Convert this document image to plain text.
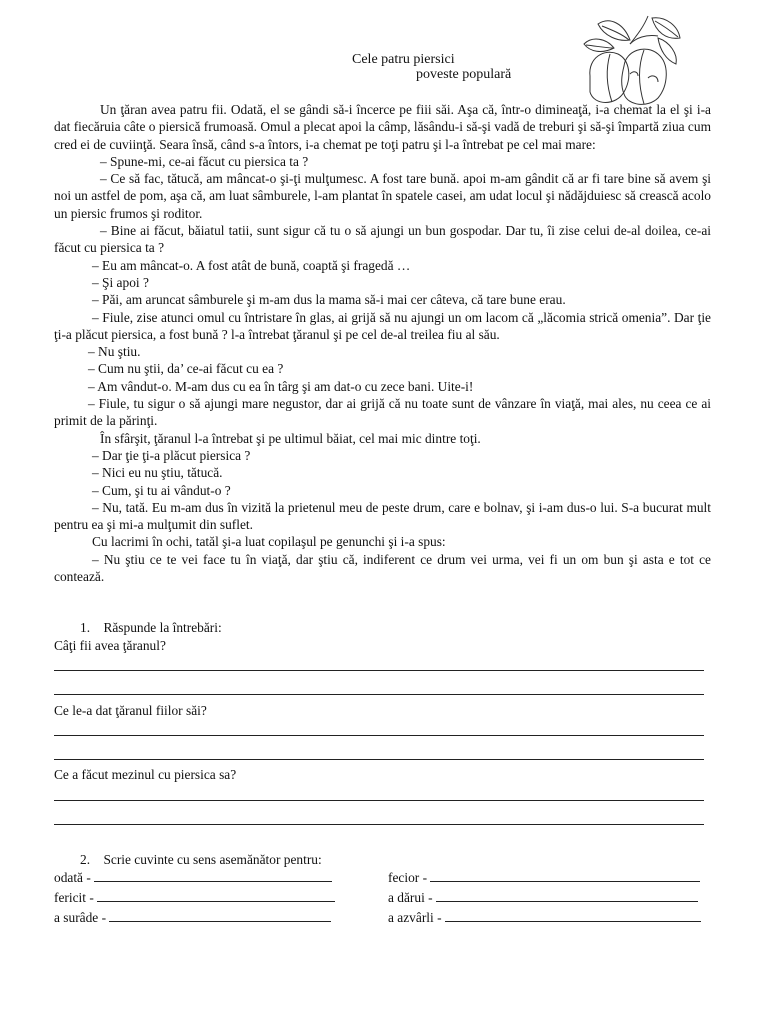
Cele patru piersici
poveste populară

Un ţăran avea patru fii. Odată, el se gândi să-i încerce pe fiii săi. Aşa că, într-o dimineaţă, i-a chemat la el şi i-a dat fiecăruia câte o piersică frumoasă. Omul a plecat apoi la câmp, lăsându-i să-şi vadă de treburi şi să-şi împartă ziua cum cred ei de cuviinţă. Seara însă, când s-a întors, i-a chemat pe toţi patru şi l-a întrebat pe cel mai mare:

– Spune-mi, ce-ai făcut cu piersica ta ?

– Ce să fac, tătucă, am mâncat-o şi-ţi mulţumesc. A fost tare bună. apoi m-am gândit că ar fi tare bine să avem şi noi un astfel de pom, aşa că, am luat sâmburele, l-am plantat în spatele casei, am udat locul şi nădăjduiesc să crească acolo un piersic frumos şi roditor.

– Bine ai făcut, băiatul tatii, sunt sigur că tu o să ajungi un bun gospodar. Dar tu, îi zise celui de-al doilea, ce-ai făcut cu piersica ta ?

– Eu am mâncat-o. A fost atât de bună, coaptă şi fragedă …

– Şi apoi ?

– Păi, am aruncat sâmburele şi m-am dus la mama să-i mai cer câteva, că tare bune erau.

– Fiule, zise atunci omul cu întristare în glas, ai grijă să nu ajungi un om lacom că „lăcomia strică omenia”. Dar ţie ţi-a plăcut piersica, a fost bună ? l-a întrebat ţăranul şi pe cel de-al treilea fiu al său.

– Nu ştiu.

– Cum nu ştii, da’ ce-ai făcut cu ea ?

– Am vândut-o. M-am dus cu ea în târg şi am dat-o cu zece bani. Uite-i!

– Fiule, tu sigur o să ajungi mare negustor, dar ai grijă că nu toate sunt de vânzare în viaţă, mai ales, nu ceea ce ai primit de la părinţi.

În sfârşit, ţăranul l-a întrebat şi pe ultimul băiat, cel mai mic dintre toţi.

– Dar ţie ţi-a plăcut piersica ?

– Nici eu nu ştiu, tătucă.

– Cum, şi tu ai vândut-o ?

– Nu, tată. Eu m-am dus în vizită la prietenul meu de peste drum, care e bolnav, şi i-am dus-o lui. S-a bucurat mult pentru ea şi mi-a mulţumit din suflet.

Cu lacrimi în ochi, tatăl şi-a luat copilaşul pe genunchi şi i-a spus:

– Nu ştiu ce te vei face tu în viaţă, dar ştiu că, indiferent ce drum vei urma, vei fi un om bun şi asta e tot ce contează.

1. Răspunde la întrebări:
Câţi fii avea ţăranul?
Ce le-a dat ţăranul fiilor săi?
Ce a făcut mezinul cu piersica sa?
2. Scrie cuvinte cu sens asemănător pentru:
odată -	fecior -
fericit -	a dărui -
a surâde -	a azvârli -
